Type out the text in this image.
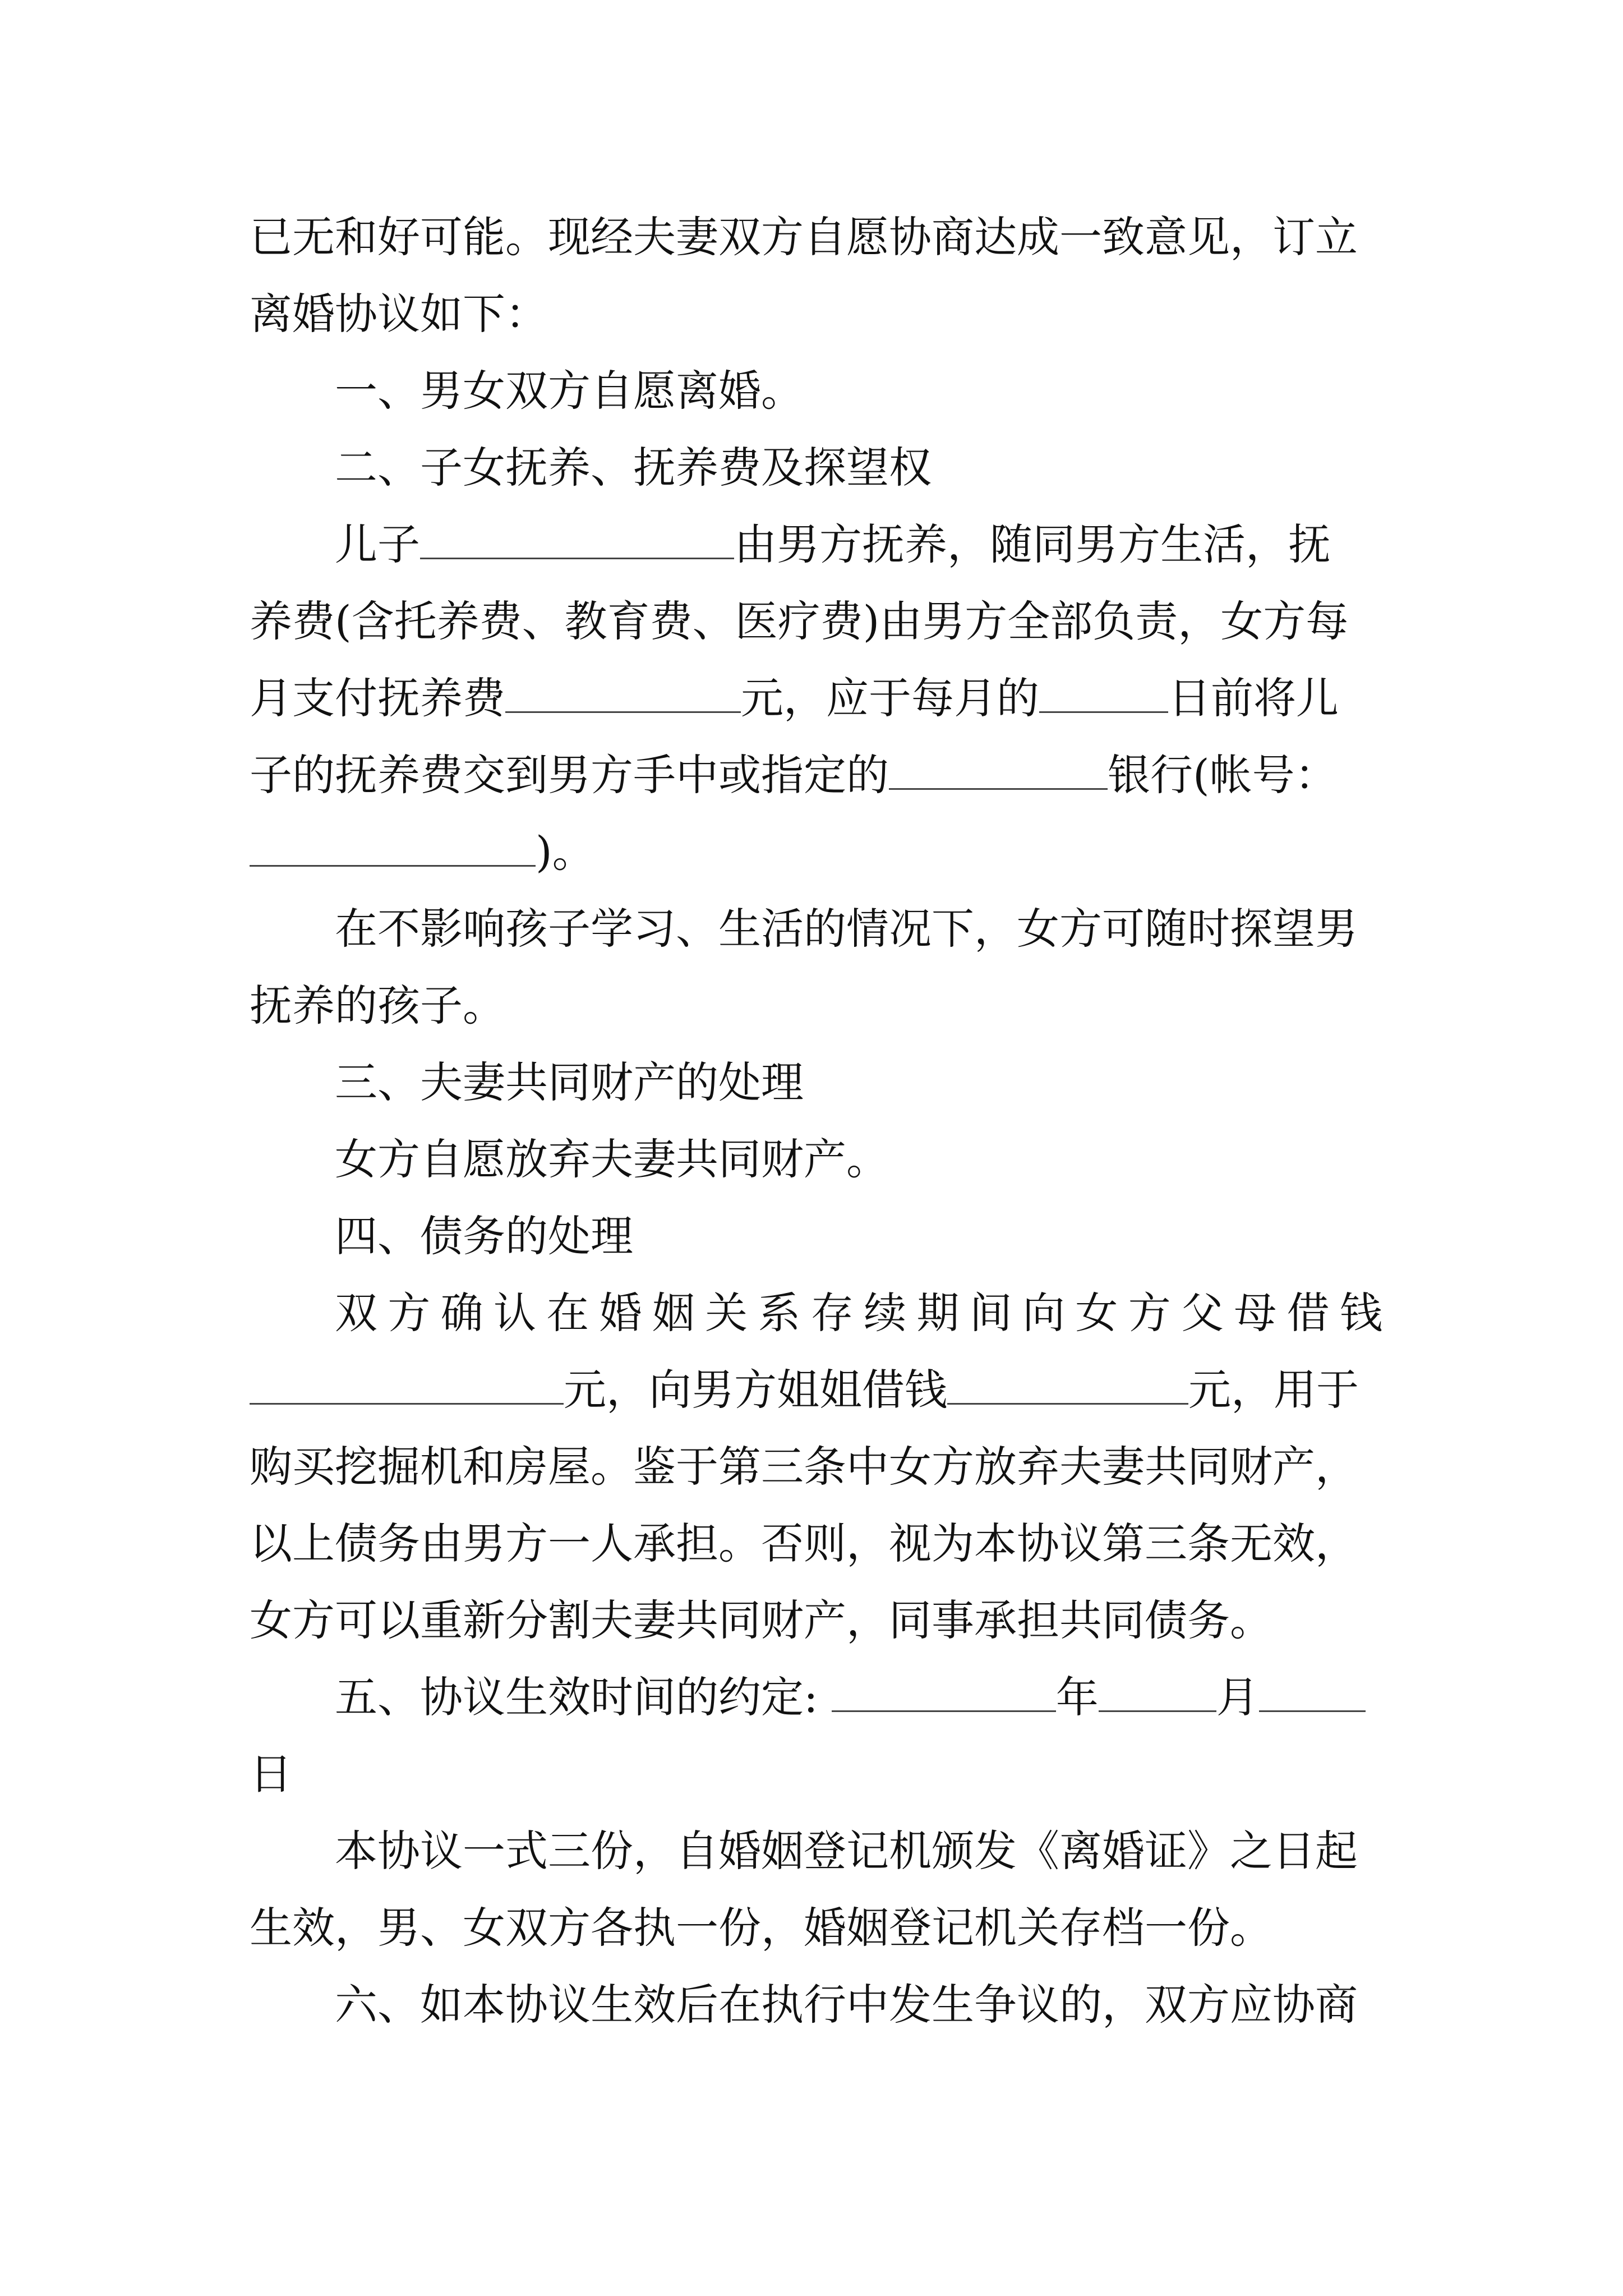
已无和好可能。现经夫妻双方自愿协商达成一致意见，订立
离婚协议如下：
一、男女双方自愿离婚。
二、子女抚养、抚养费及探望权
儿子	由男方抚养，随同男方生活，抚
养费(含托养费、教育费、医疗费)由男方全部负责，女方每
月支付抚养费	元，应于每月的	日前将儿
子的抚养费交到男方手中或指定的	银行(帐号：
)。
在不影响孩子学习、生活的情况下，女方可随时探望男
抚养的孩子。
三、夫妻共同财产的处理
女方自愿放弃夫妻共同财产。
四、债务的处理
双方确认在婚姻关系存续期间向女方父母借钱
元，向男方姐姐借钱	元，用于
购买挖掘机和房屋。鉴于第三条中女方放弃夫妻共同财产，
以上债务由男方一人承担。否则，视为本协议第三条无效，
女方可以重新分割夫妻共同财产，同事承担共同债务。
五、协议生效时间的约定:	年	月
日
本协议一式三份，自婚姻登记机颁发《离婚证》之日起
生效，男、女双方各执一份，婚姻登记机关存档一份。
六、如本协议生效后在执行中发生争议的，双方应协商
